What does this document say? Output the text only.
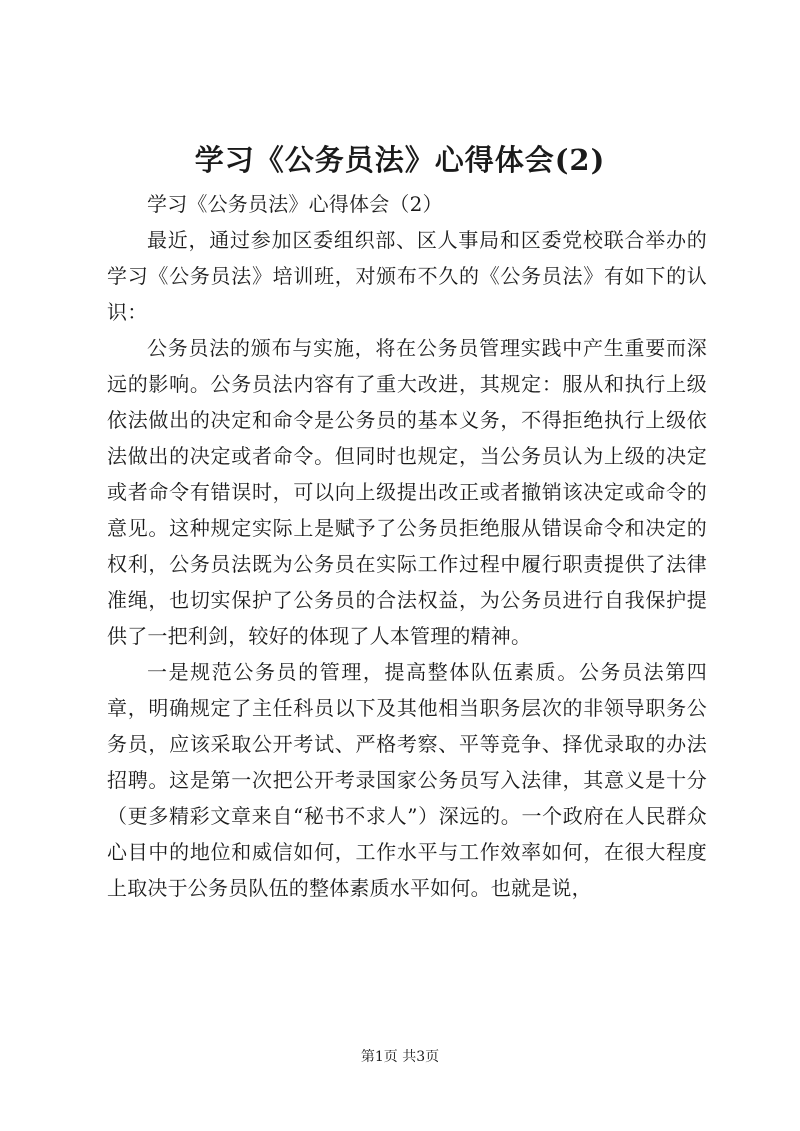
学习《公务员法》心得体会(2)

学习《公务员法》心得体会（2）

最近，通过参加区委组织部、区人事局和区委党校联合举办的学习《公务员法》培训班，对颁布不久的《公务员法》有如下的认识：

公务员法的颁布与实施，将在公务员管理实践中产生重要而深远的影响。公务员法内容有了重大改进，其规定：服从和执行上级依法做出的决定和命令是公务员的基本义务，不得拒绝执行上级依法做出的决定或者命令。但同时也规定，当公务员认为上级的决定或者命令有错误时，可以向上级提出改正或者撤销该决定或命令的意见。这种规定实际上是赋予了公务员拒绝服从错误命令和决定的权利，公务员法既为公务员在实际工作过程中履行职责提供了法律准绳，也切实保护了公务员的合法权益，为公务员进行自我保护提供了一把利剑，较好的体现了人本管理的精神。

一是规范公务员的管理，提高整体队伍素质。公务员法第四章，明确规定了主任科员以下及其他相当职务层次的非领导职务公务员，应该采取公开考试、严格考察、平等竞争、择优录取的办法招聘。这是第一次把公开考录国家公务员写入法律，其意义是十分（更多精彩文章来自“秘书不求人”）深远的。一个政府在人民群众心目中的地位和威信如何，工作水平与工作效率如何，在很大程度上取决于公务员队伍的整体素质水平如何。也就是说，

第1页 共3页
